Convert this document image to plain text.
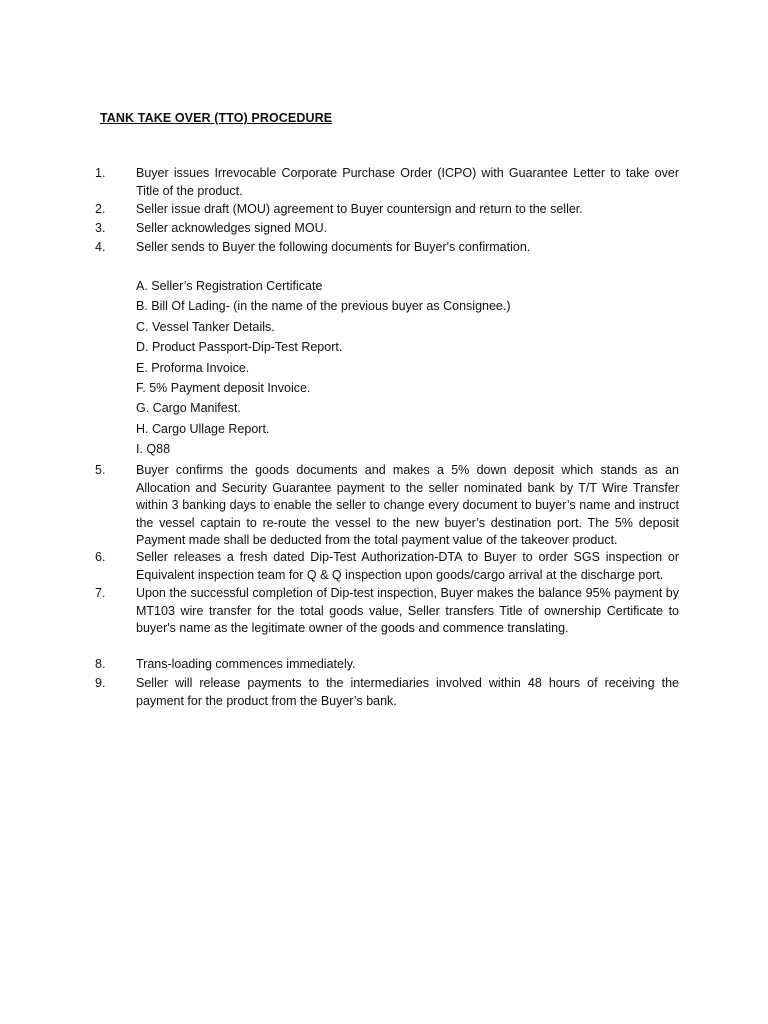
TANK TAKE OVER (TTO) PROCEDURE
1.	Buyer issues Irrevocable Corporate Purchase Order (ICPO) with Guarantee Letter to take over Title of the product.
2.	Seller issue draft (MOU) agreement to Buyer countersign and return to the seller.
3.	Seller acknowledges signed MOU.
4.	Seller sends to Buyer the following documents for Buyer's confirmation.
A. Seller’s Registration Certificate
B. Bill Of Lading- (in the name of the previous buyer as Consignee.)
C. Vessel Tanker Details.
D. Product Passport-Dip-Test Report.
E. Proforma Invoice.
F. 5% Payment deposit Invoice.
G. Cargo Manifest.
H. Cargo Ullage Report.
I. Q88
5.	Buyer confirms the goods documents and makes a 5% down deposit which stands as an Allocation and Security Guarantee payment to the seller nominated bank by T/T Wire Transfer within 3 banking days to enable the seller to change every document to buyer’s name and instruct the vessel captain to re-route the vessel to the new buyer’s destination port. The 5% deposit Payment made shall be deducted from the total payment value of the takeover product.
6.	Seller releases a fresh dated Dip-Test Authorization-DTA to Buyer to order SGS inspection or Equivalent inspection team for Q & Q inspection upon goods/cargo arrival at the discharge port.
7.	Upon the successful completion of Dip-test inspection, Buyer makes the balance 95% payment by MT103 wire transfer for the total goods value, Seller transfers Title of ownership Certificate to buyer's name as the legitimate owner of the goods and commence translating.
8.	Trans-loading commences immediately.
9.	Seller will release payments to the intermediaries involved within 48 hours of receiving the payment for the product from the Buyer’s bank.
